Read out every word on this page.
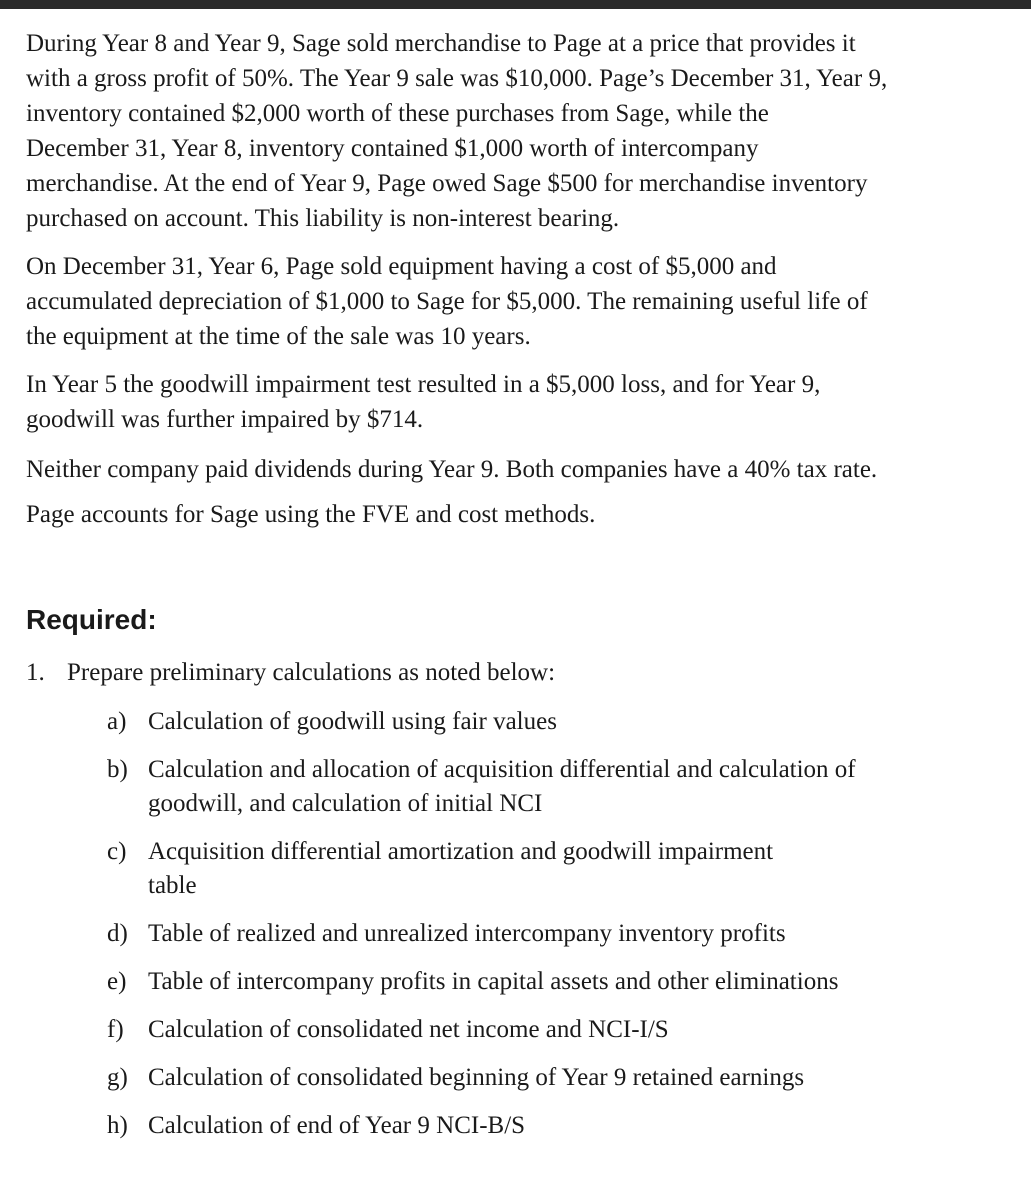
During Year 8 and Year 9, Sage sold merchandise to Page at a price that provides it
with a gross profit of 50%. The Year 9 sale was $10,000. Page’s December 31, Year 9,
inventory contained $2,000 worth of these purchases from Sage, while the
December 31, Year 8, inventory contained $1,000 worth of intercompany
merchandise. At the end of Year 9, Page owed Sage $500 for merchandise inventory
purchased on account. This liability is non-interest bearing.

On December 31, Year 6, Page sold equipment having a cost of $5,000 and
accumulated depreciation of $1,000 to Sage for $5,000. The remaining useful life of
the equipment at the time of the sale was 10 years.

In Year 5 the goodwill impairment test resulted in a $5,000 loss, and for Year 9,
goodwill was further impaired by $714.

Neither company paid dividends during Year 9. Both companies have a 40% tax rate.

Page accounts for Sage using the FVE and cost methods.

Required:
1. Prepare preliminary calculations as noted below:
a) Calculation of goodwill using fair values
b) Calculation and allocation of acquisition differential and calculation of
goodwill, and calculation of initial NCI
c) Acquisition differential amortization and goodwill impairment
table
d) Table of realized and unrealized intercompany inventory profits
e) Table of intercompany profits in capital assets and other eliminations
f) Calculation of consolidated net income and NCI-I/S
g) Calculation of consolidated beginning of Year 9 retained earnings
h) Calculation of end of Year 9 NCI-B/S
